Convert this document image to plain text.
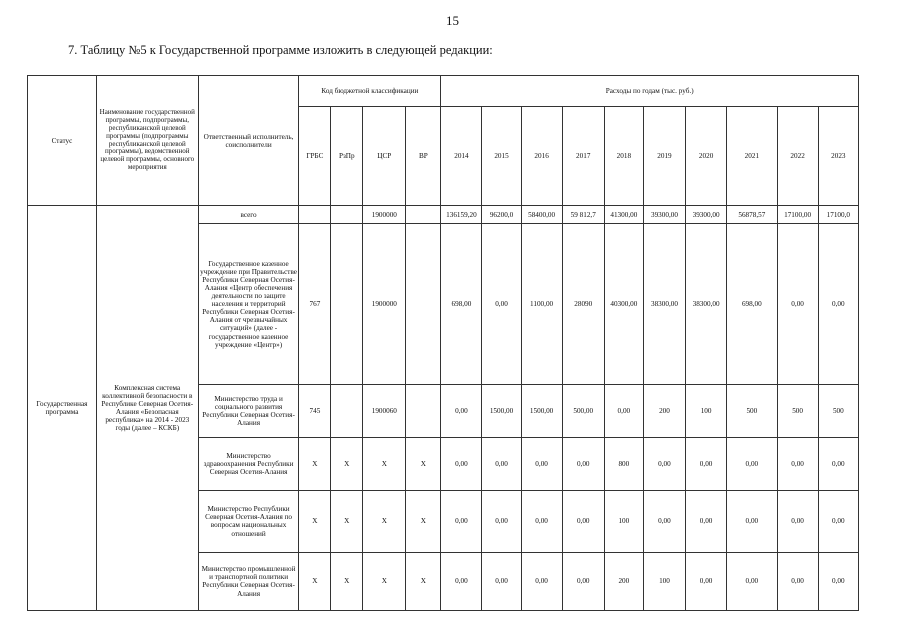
15
7. Таблицу №5 к Государственной программе изложить в следующей редакции:
Статус	Наименование государственной программы, подпрограммы, республиканской целевой программы (подпрограммы республиканской целевой программы), ведомственной целевой программы, основного мероприятия	Ответственный исполнитель, соисполнители	Код бюджетной классификации				Расходы по годам (тыс. руб.)									
			ГРБС	РзПр	ЦСР	ВР	2014	2015	2016	2017	2018	2019	2020	2021	2022	2023
Государственная программа	Комплексная система коллективной безопасности в Республике Северная Осетия-Алания «Безопасная республика» на 2014 - 2023 годы (далее – КСКБ)	всего			1900000		136159,20	96200,0	58400,00	59 812,7	41300,00	39300,00	39300,00	56878,57	17100,00	17100,0
		Государственное казенное учреждение при Правительстве Республики Северная Осетия-Алания «Центр обеспечения деятельности по защите населения и территорий Республики Северная Осетия-Алания от чрезвычайных ситуаций» (далее - государственное казенное учреждение «Центр»)	767		1900000		698,00	0,00	1100,00	28090	40300,00	38300,00	38300,00	698,00	0,00	0,00
		Министерство труда и социального развития Республики Северная Осетия-Алания	745		1900060		0,00	1500,00	1500,00	500,00	0,00	200	100	500	500	500
		Министерство здравоохранения Республики Северная Осетия-Алания	Х	Х	Х	Х	0,00	0,00	0,00	0,00	800	0,00	0,00	0,00	0,00	0,00
		Министерство Республики Северная Осетия-Алания по вопросам национальных отношений	Х	Х	Х	Х	0,00	0,00	0,00	0,00	100	0,00	0,00	0,00	0,00	0,00
		Министерство промышленной и транспортной политики Республики Северная Осетия-Алания	Х	Х	Х	Х	0,00	0,00	0,00	0,00	200	100	0,00	0,00	0,00	0,00
